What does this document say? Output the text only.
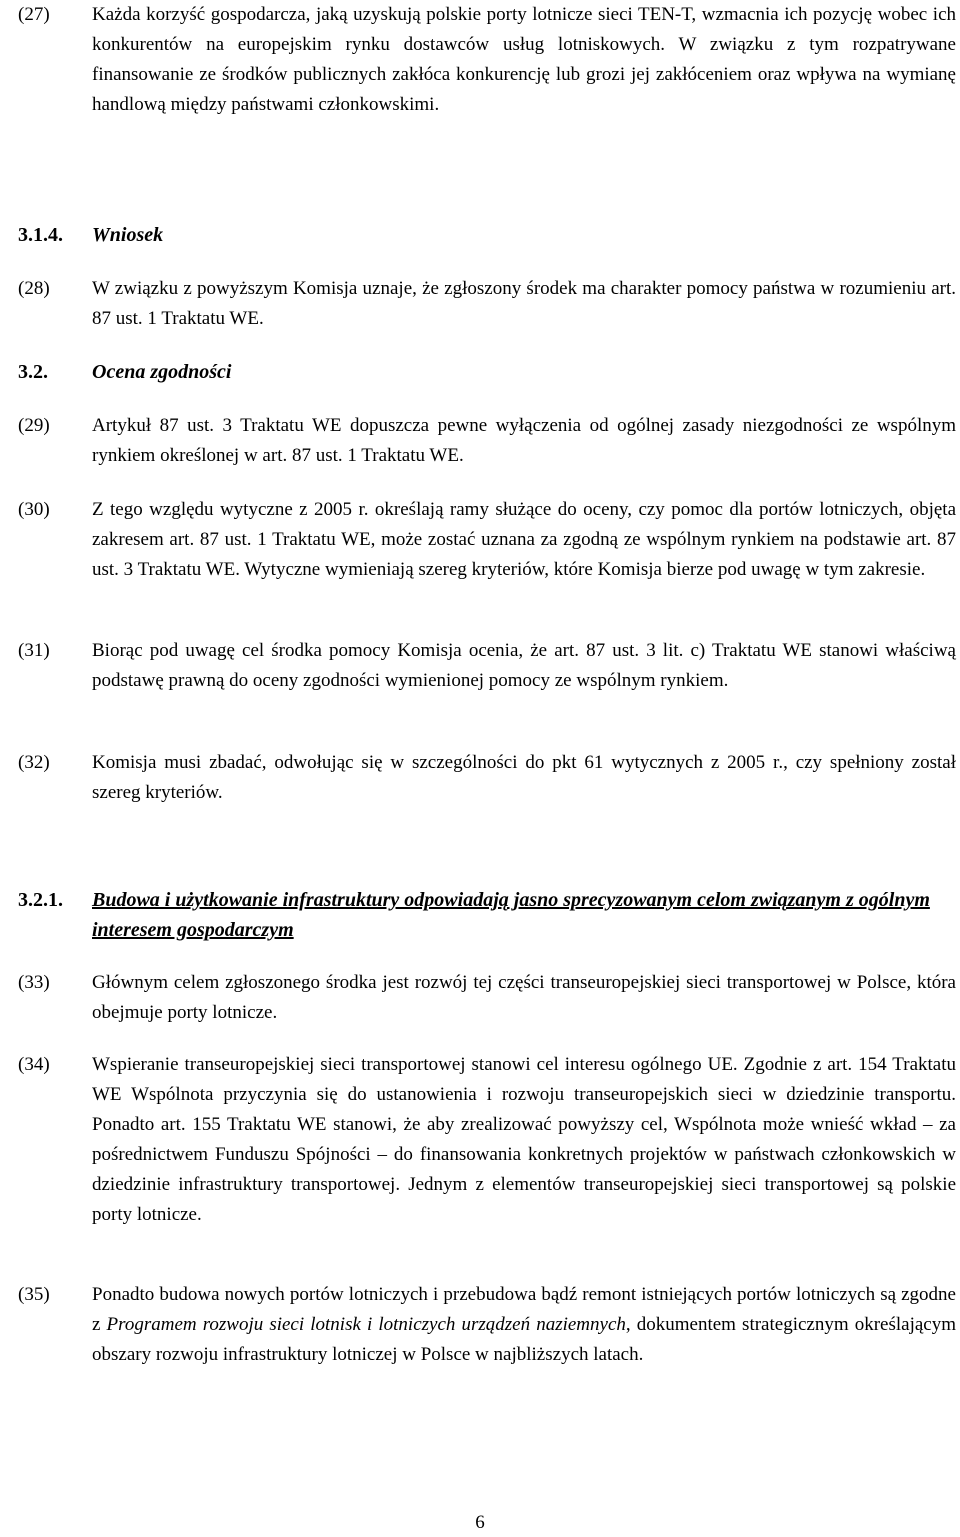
(27) Każda korzyść gospodarcza, jaką uzyskują polskie porty lotnicze sieci TEN-T, wzmacnia ich pozycję wobec ich konkurentów na europejskim rynku dostawców usług lotniskowych. W związku z tym rozpatrywane finansowanie ze środków publicznych zakłóca konkurencję lub grozi jej zakłóceniem oraz wpływa na wymianę handlową między państwami członkowskimi.
3.1.4. Wniosek
(28) W związku z powyższym Komisja uznaje, że zgłoszony środek ma charakter pomocy państwa w rozumieniu art. 87 ust. 1 Traktatu WE.
3.2. Ocena zgodności
(29) Artykuł 87 ust. 3 Traktatu WE dopuszcza pewne wyłączenia od ogólnej zasady niezgodności ze wspólnym rynkiem określonej w art. 87 ust. 1 Traktatu WE.
(30) Z tego względu wytyczne z 2005 r. określają ramy służące do oceny, czy pomoc dla portów lotniczych, objęta zakresem art. 87 ust. 1 Traktatu WE, może zostać uznana za zgodną ze wspólnym rynkiem na podstawie art. 87 ust. 3 Traktatu WE. Wytyczne wymieniają szereg kryteriów, które Komisja bierze pod uwagę w tym zakresie.
(31) Biorąc pod uwagę cel środka pomocy Komisja ocenia, że art. 87 ust. 3 lit. c) Traktatu WE stanowi właściwą podstawę prawną do oceny zgodności wymienionej pomocy ze wspólnym rynkiem.
(32) Komisja musi zbadać, odwołując się w szczególności do pkt 61 wytycznych z 2005 r., czy spełniony został szereg kryteriów.
3.2.1. Budowa i użytkowanie infrastruktury odpowiadają jasno sprecyzowanym celom związanym z ogólnym interesem gospodarczym
(33) Głównym celem zgłoszonego środka jest rozwój tej części transeuropejskiej sieci transportowej w Polsce, która obejmuje porty lotnicze.
(34) Wspieranie transeuropejskiej sieci transportowej stanowi cel interesu ogólnego UE. Zgodnie z art. 154 Traktatu WE Wspólnota przyczynia się do ustanowienia i rozwoju transeuropejskich sieci w dziedzinie transportu. Ponadto art. 155 Traktatu WE stanowi, że aby zrealizować powyższy cel, Wspólnota może wnieść wkład – za pośrednictwem Funduszu Spójności – do finansowania konkretnych projektów w państwach członkowskich w dziedzinie infrastruktury transportowej. Jednym z elementów transeuropejskiej sieci transportowej są polskie porty lotnicze.
(35) Ponadto budowa nowych portów lotniczych i przebudowa bądź remont istniejących portów lotniczych są zgodne z Programem rozwoju sieci lotnisk i lotniczych urządzeń naziemnych, dokumentem strategicznym określającym obszary rozwoju infrastruktury lotniczej w Polsce w najbliższych latach.
6
